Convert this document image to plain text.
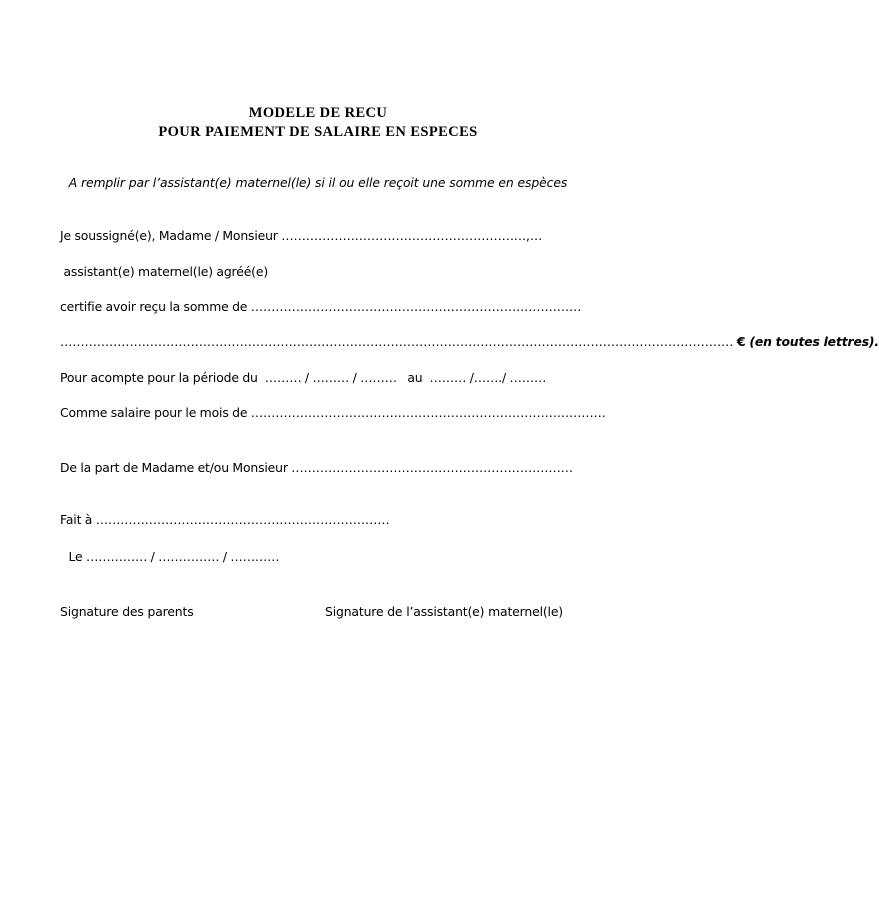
MODELE DE RECU
POUR PAIEMENT DE SALAIRE EN ESPECES
A remplir par l’assistant(e) maternel(le) si il ou elle reçoit une somme en espèces
Je soussigné(e), Madame / Monsieur ……………………………………………………,…
assistant(e) maternel(le) agréé(e)
certifie avoir reçu la somme de ………………………………………………………………………
………………………………………………………………………………………………………………………………………………… € (en toutes lettres).
Pour acompte pour la période du  ……… / ……… / ………   au  ……… /……./ ………
Comme salaire pour le mois de ……………………………………………………………………………
De la part de Madame et/ou Monsieur ……………………………………………………………
Fait à ………………………………………………………………
Le …………… / …………… / …………
Signature des parents	Signature de l’assistant(e) maternel(le)
